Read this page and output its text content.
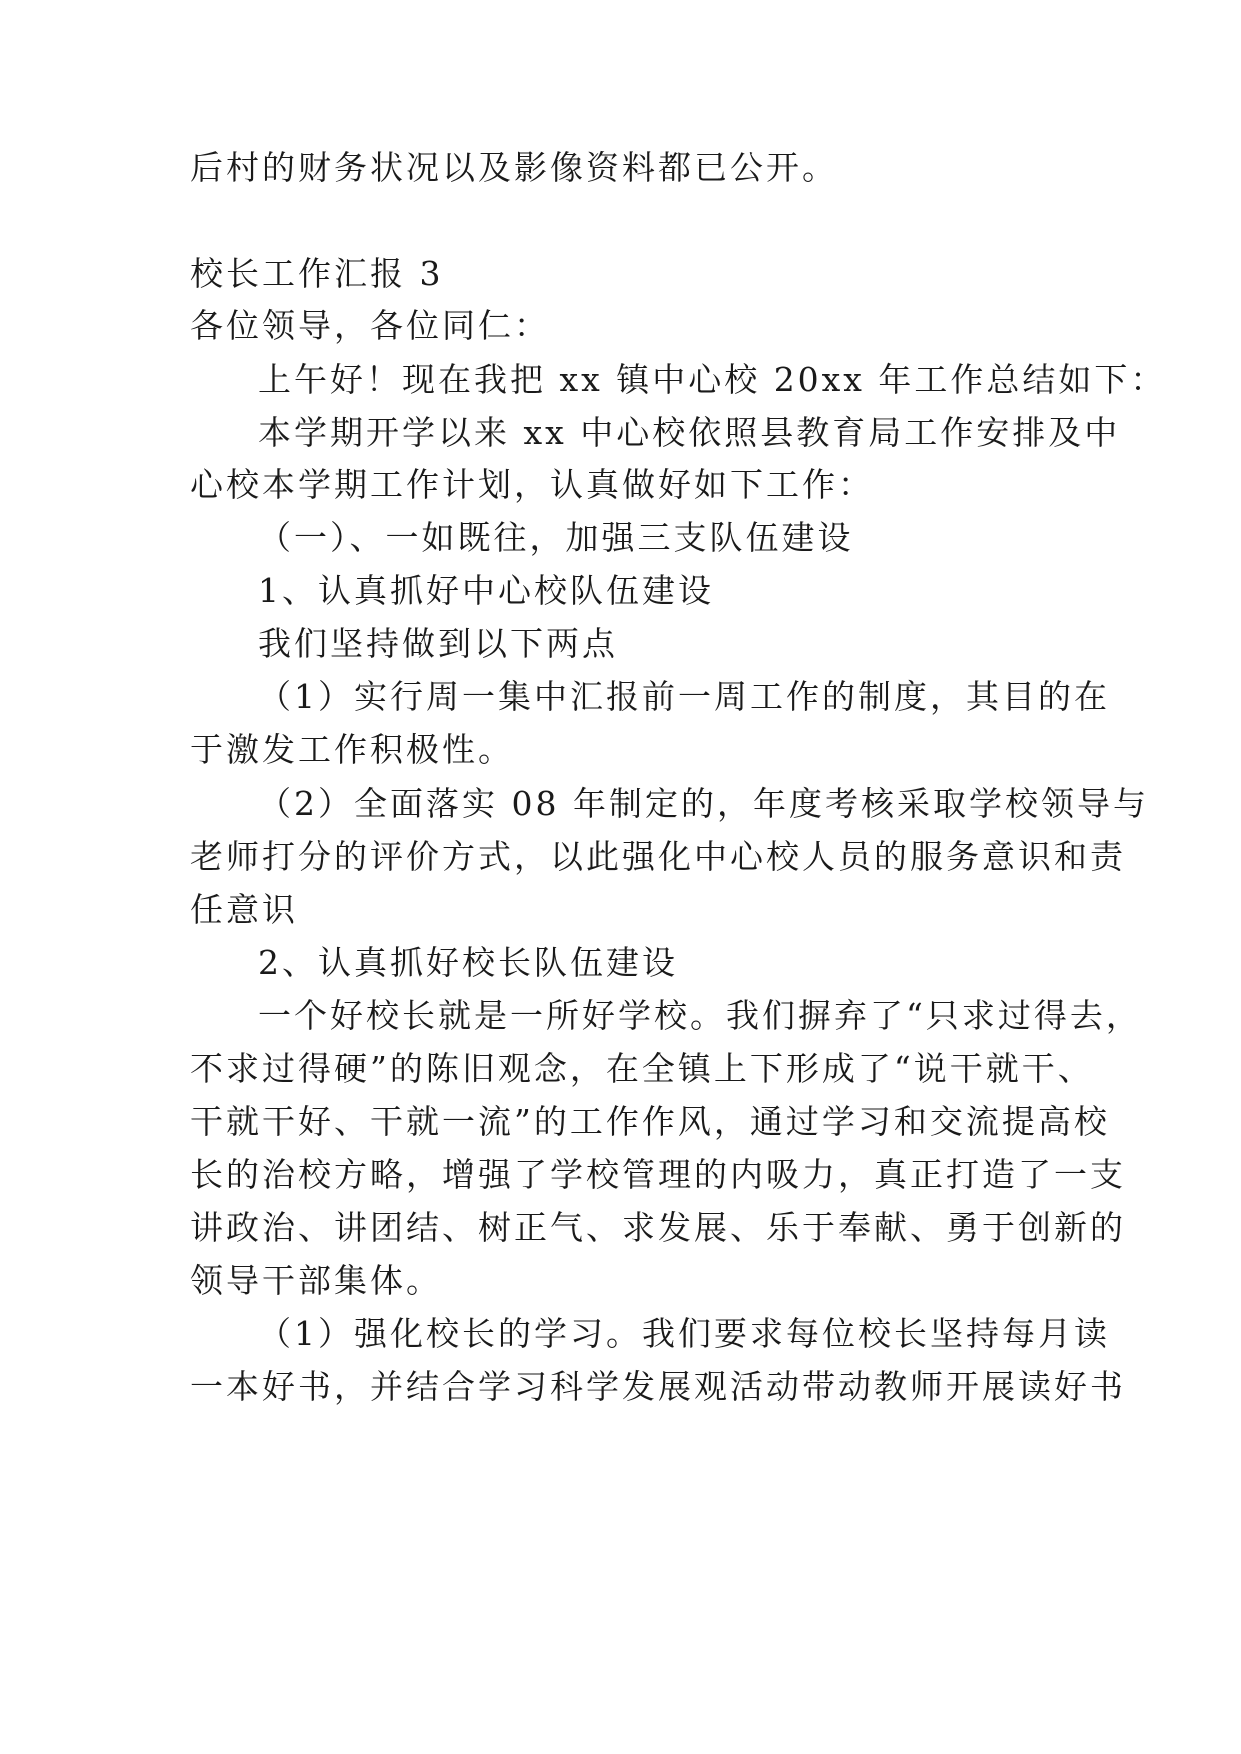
后村的财务状况以及影像资料都已公开。
校长工作汇报 3
各位领导，各位同仁：
上午好！现在我把 xx 镇中心校 20xx 年工作总结如下：
本学期开学以来 xx 中心校依照县教育局工作安排及中
心校本学期工作计划，认真做好如下工作：
（一）、一如既往，加强三支队伍建设
1、认真抓好中心校队伍建设
我们坚持做到以下两点
（1）实行周一集中汇报前一周工作的制度，其目的在
于激发工作积极性。
（2）全面落实 08 年制定的，年度考核采取学校领导与
老师打分的评价方式，以此强化中心校人员的服务意识和责
任意识
2、认真抓好校长队伍建设
一个好校长就是一所好学校。我们摒弃了“只求过得去，
不求过得硬”的陈旧观念，在全镇上下形成了“说干就干、
干就干好、干就一流”的工作作风，通过学习和交流提高校
长的治校方略，增强了学校管理的内吸力，真正打造了一支
讲政治、讲团结、树正气、求发展、乐于奉献、勇于创新的
领导干部集体。
（1）强化校长的学习。我们要求每位校长坚持每月读
一本好书，并结合学习科学发展观活动带动教师开展读好书
